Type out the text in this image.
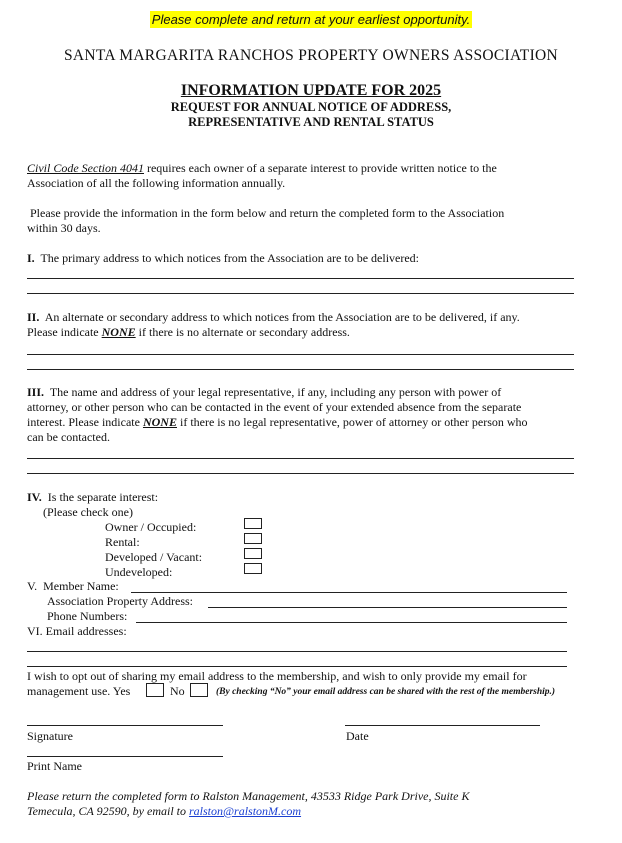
Please complete and return at your earliest opportunity.
SANTA MARGARITA RANCHOS PROPERTY OWNERS ASSOCIATION
INFORMATION UPDATE FOR 2025
REQUEST FOR ANNUAL NOTICE OF ADDRESS,
REPRESENTATIVE AND RENTAL STATUS
Civil Code Section 4041 requires each owner of a separate interest to provide written notice to the
Association of all the following information annually.
Please provide the information in the form below and return the completed form to the Association
within 30 days.
I. The primary address to which notices from the Association are to be delivered:
II. An alternate or secondary address to which notices from the Association are to be delivered, if any.
Please indicate NONE if there is no alternate or secondary address.
III. The name and address of your legal representative, if any, including any person with power of
attorney, or other person who can be contacted in the event of your extended absence from the separate
interest. Please indicate NONE if there is no legal representative, power of attorney or other person who
can be contacted.
IV. Is the separate interest:
(Please check one)
Owner / Occupied:
Rental:
Developed / Vacant:
Undeveloped:
V. Member Name:
Association Property Address:
Phone Numbers:
VI. Email addresses:
I wish to opt out of sharing my email address to the membership, and wish to only provide my email for
management use. Yes	No	(By checking “No” your email address can be shared with the rest of the membership.)
Signature	Date
Print Name
Please return the completed form to Ralston Management, 43533 Ridge Park Drive, Suite K
Temecula, CA 92590, by email to ralston@ralstonM.com
